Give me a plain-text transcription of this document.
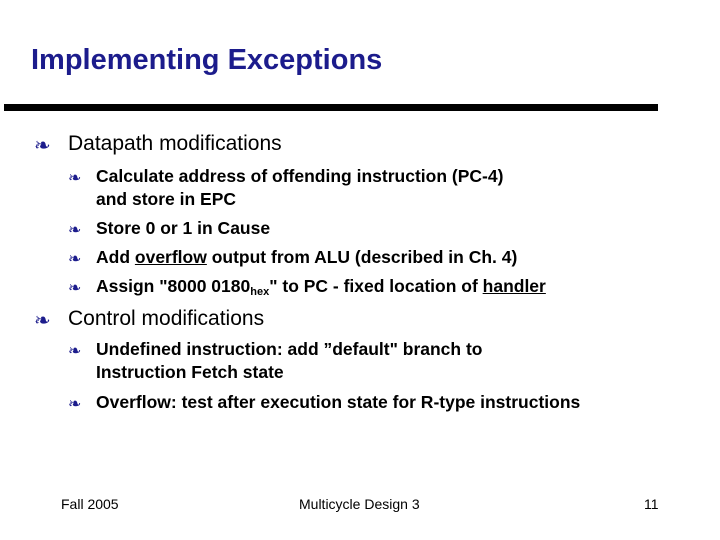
Implementing Exceptions
❧ Datapath modifications
❧ Calculate address of offending instruction (PC-4)
and store in EPC
❧ Store 0 or 1 in Cause
❧ Add overflow output from ALU (described in Ch. 4)
❧ Assign "8000 $0180_{hex}$" to PC - fixed location of handler
❧ Control modifications
❧ Undefined instruction: add ”default" branch to
Instruction Fetch state
❧ Overflow: test after execution state for R-type instructions
Fall 2005	Multicycle Design 3	11
